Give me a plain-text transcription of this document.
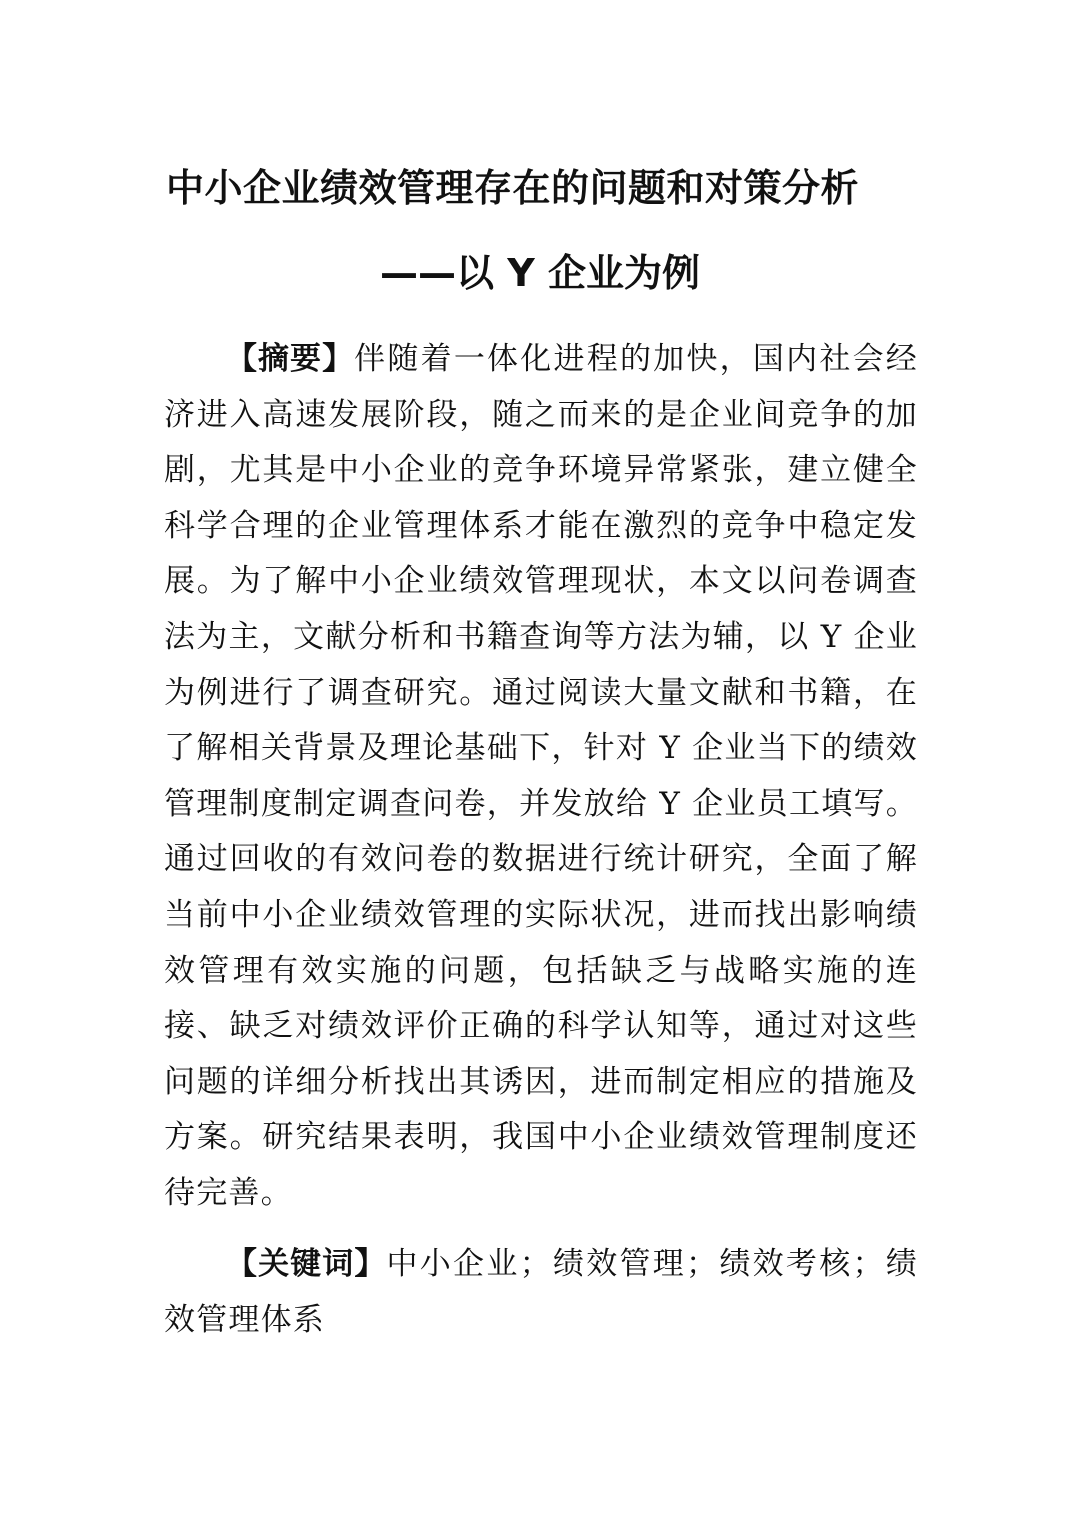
中小企业绩效管理存在的问题和对策分析
——以 Y 企业为例
【摘要】伴随着一体化进程的加快，国内社会经济进入高速发展阶段，随之而来的是企业间竞争的加剧，尤其是中小企业的竞争环境异常紧张，建立健全科学合理的企业管理体系才能在激烈的竞争中稳定发展。为了解中小企业绩效管理现状，本文以问卷调查法为主，文献分析和书籍查询等方法为辅，以 Y 企业为例进行了调查研究。通过阅读大量文献和书籍，在了解相关背景及理论基础下，针对 Y 企业当下的绩效管理制度制定调查问卷，并发放给 Y 企业员工填写。通过回收的有效问卷的数据进行统计研究，全面了解当前中小企业绩效管理的实际状况，进而找出影响绩效管理有效实施的问题，包括缺乏与战略实施的连接、缺乏对绩效评价正确的科学认知等，通过对这些问题的详细分析找出其诱因，进而制定相应的措施及方案。研究结果表明，我国中小企业绩效管理制度还待完善。
【关键词】中小企业；绩效管理；绩效考核；绩效管理体系
